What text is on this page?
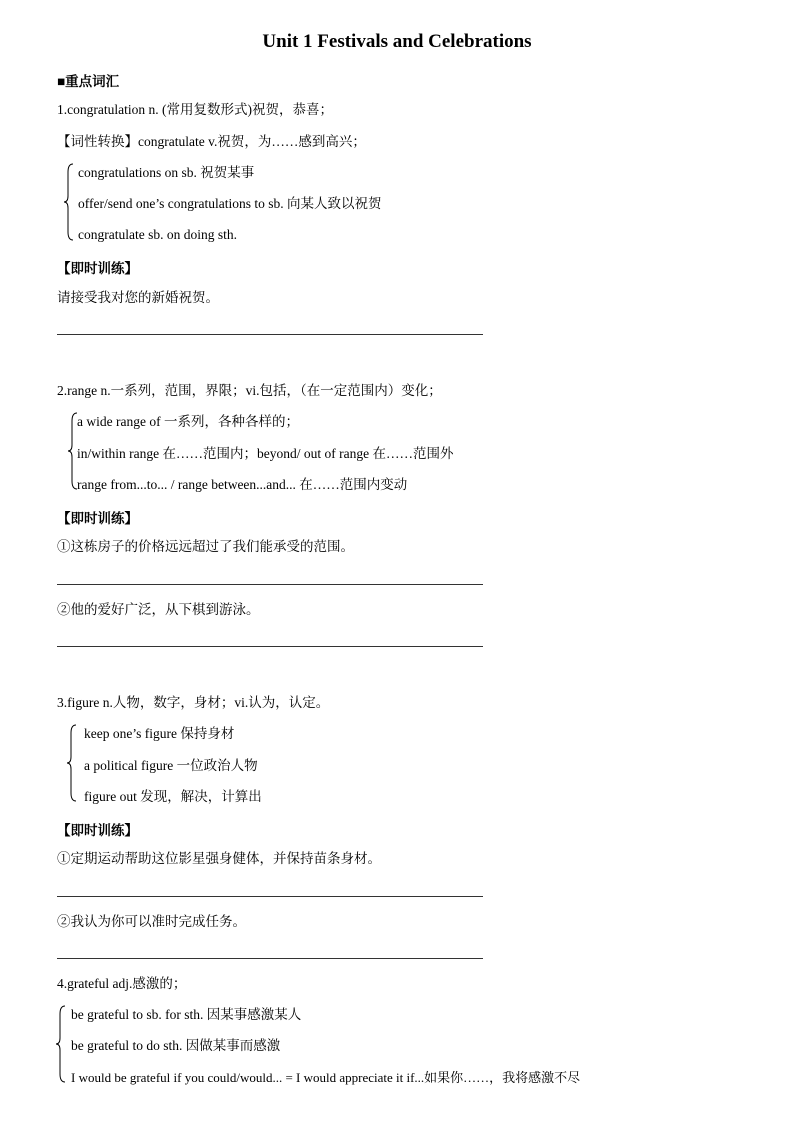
Unit 1 Festivals and Celebrations
■重点词汇
1.congratulation n. (常用复数形式)祝贺，恭喜；
【词性转换】congratulate v.祝贺，为……感到高兴；
congratulations on sb. 祝贺某事
offer/send one’s congratulations to sb. 向某人致以祝贺
congratulate sb. on doing sth.
【即时训练】
请接受我对您的新婚祝贺。
2.range n.一系列，范围，界限；vi.包括，（在一定范围内）变化；
a wide range of 一系列，各种各样的；
in/within range 在……范围内；beyond/ out of range 在……范围外
range from...to... / range between...and... 在……范围内变动
【即时训练】
①这栋房子的价格远远超过了我们能承受的范围。
②他的爱好广泛，从下棋到游泳。
3.figure n.人物，数字，身材；vi.认为，认定。
keep one’s figure 保持身材
a political figure 一位政治人物
figure out 发现，解决，计算出
【即时训练】
①定期运动帮助这位影星强身健体，并保持苗条身材。
②我认为你可以准时完成任务。
4.grateful adj.感激的；
be grateful to sb. for sth. 因某事感激某人
be grateful to do sth. 因做某事而感激
I would be grateful if you could/would... = I would appreciate it if...如果你……，我将感激不尽
